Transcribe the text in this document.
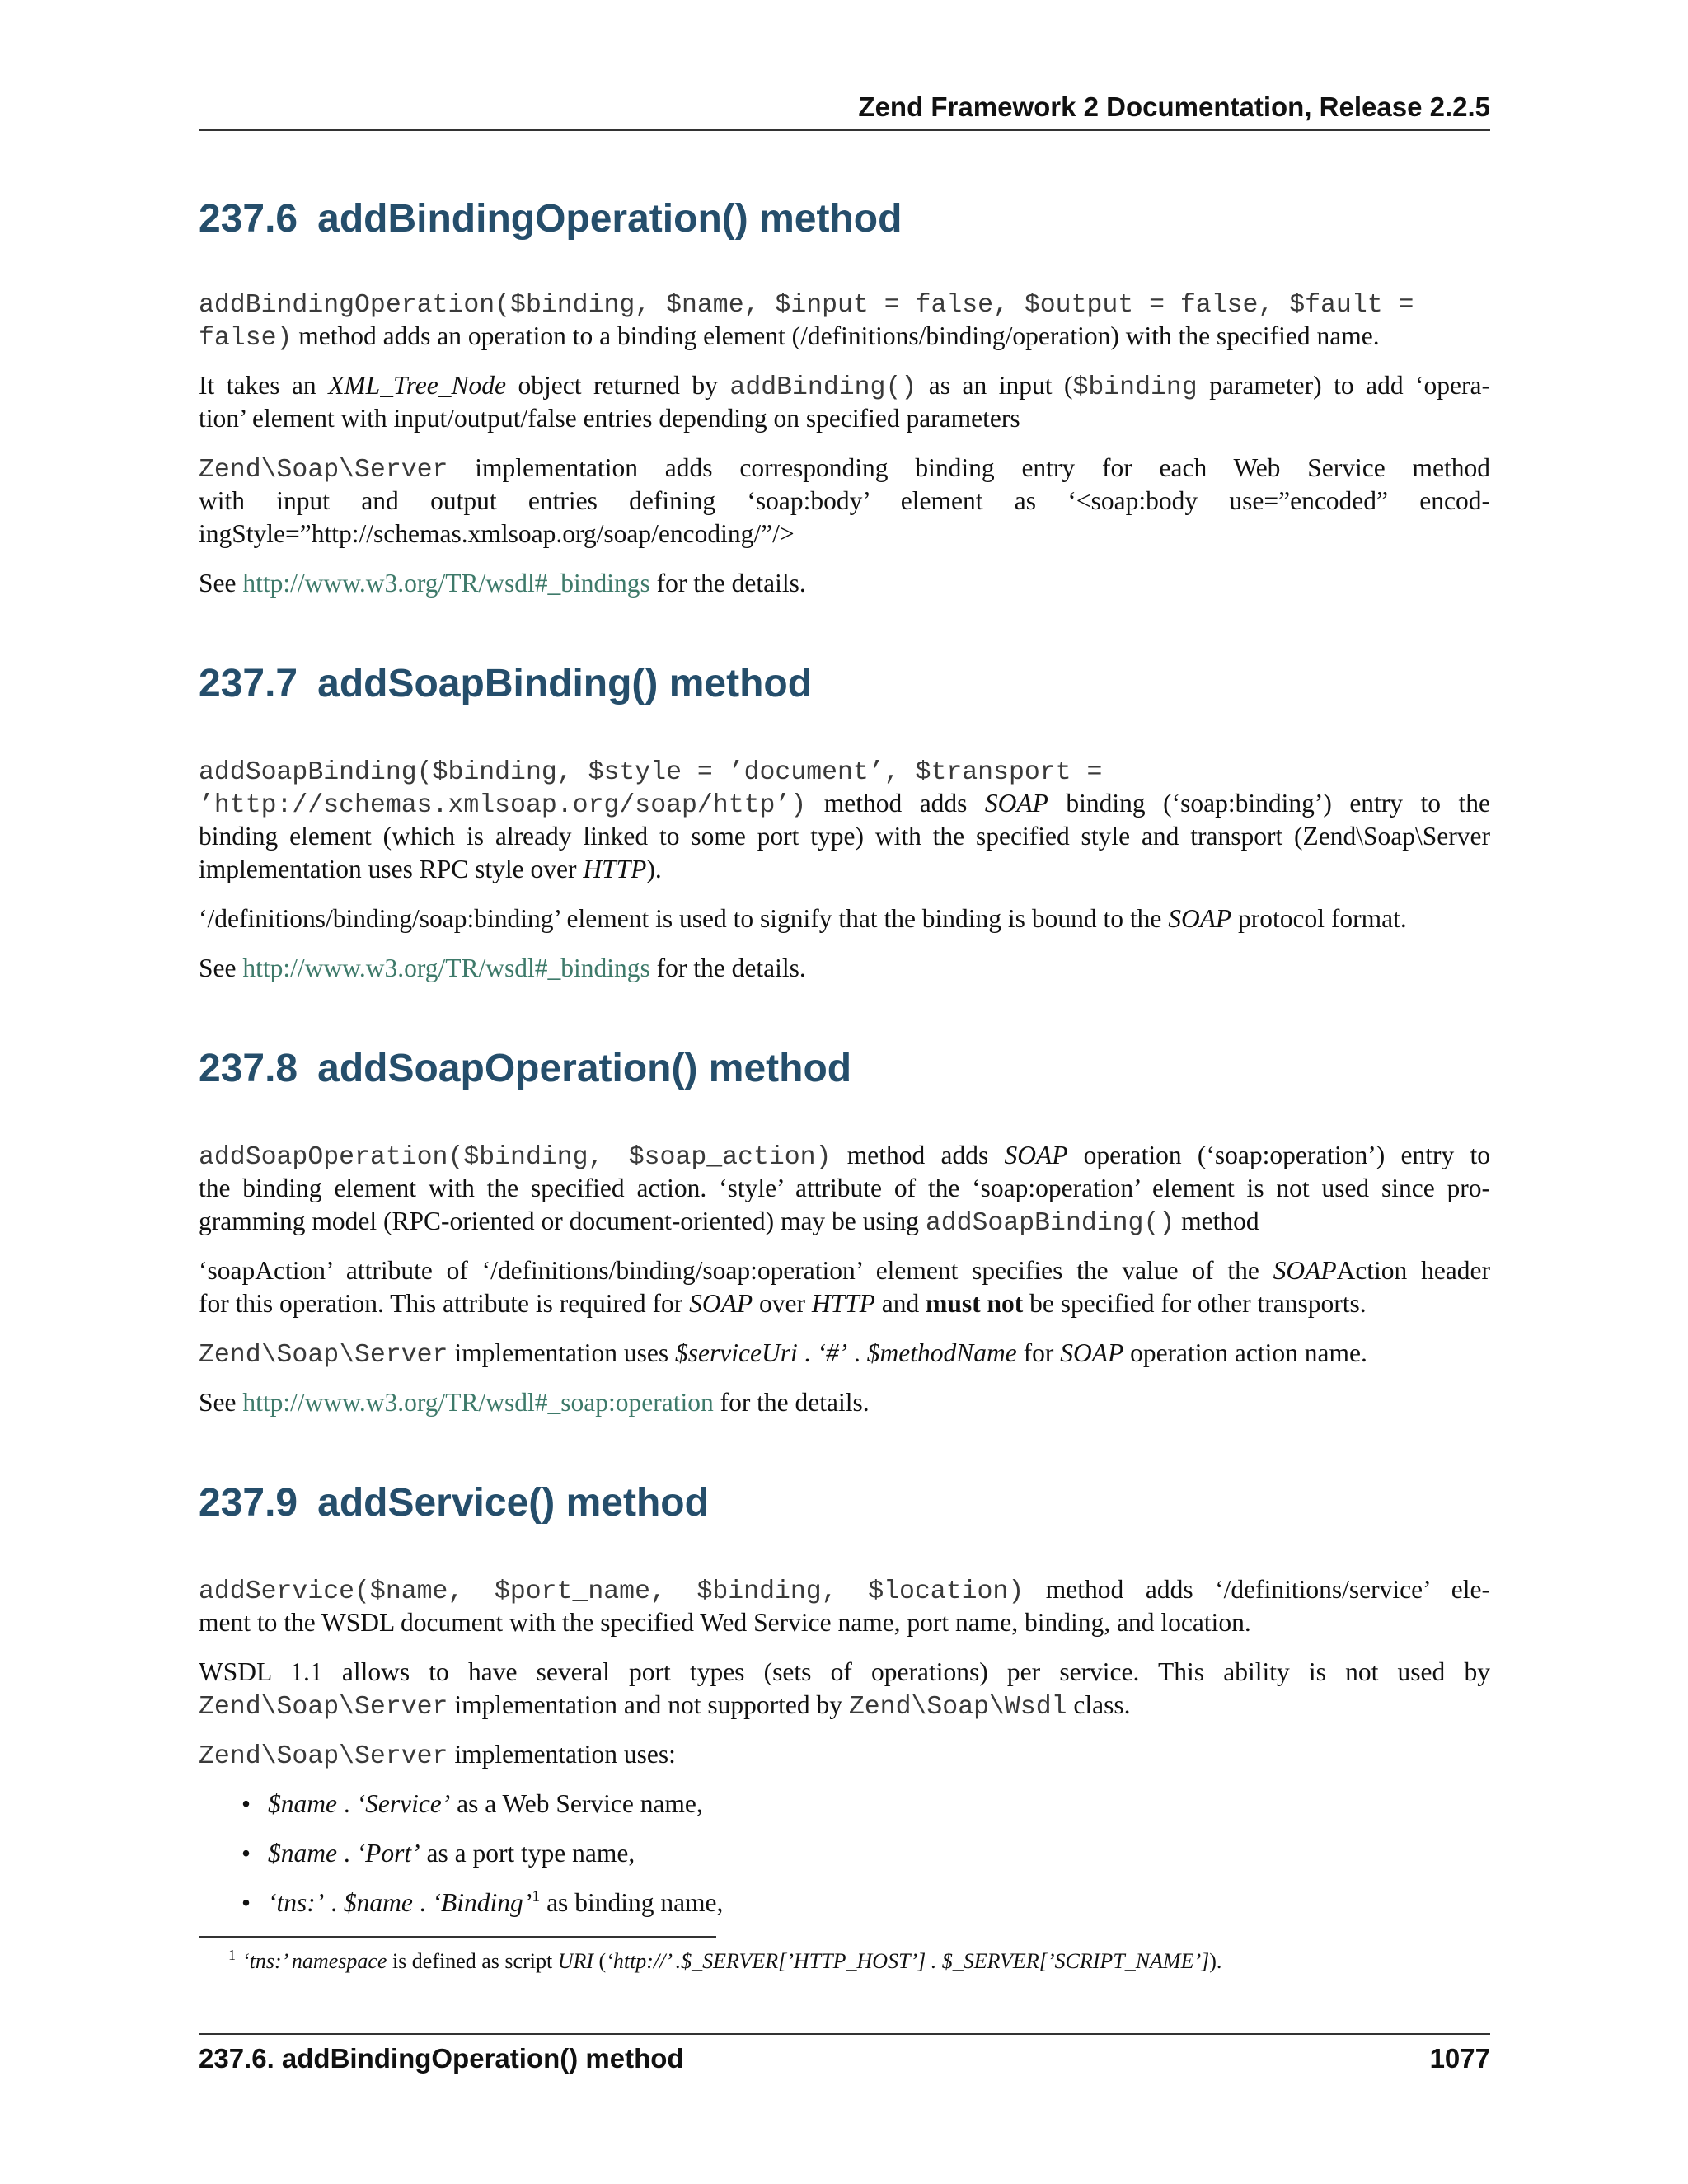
Zend Framework 2 Documentation, Release 2.2.5
237.6 addBindingOperation() method
addBindingOperation($binding, $name, $input = false, $output = false, $fault =
false) method adds an operation to a binding element (/definitions/binding/operation) with the specified name.
It takes an XML_Tree_Node object returned by addBinding() as an input ($binding parameter) to add ‘opera-
tion’ element with input/output/false entries depending on specified parameters
Zend\Soap\Server implementation adds corresponding binding entry for each Web Service method
with input and output entries defining ‘soap:body’ element as ‘<soap:body use=”encoded” encod-
ingStyle=”http://schemas.xmlsoap.org/soap/encoding/”/>
See http://www.w3.org/TR/wsdl#_bindings for the details.
237.7 addSoapBinding() method
addSoapBinding($binding, $style = ’document’, $transport =
’http://schemas.xmlsoap.org/soap/http’) method adds SOAP binding (‘soap:binding’) entry to the
binding element (which is already linked to some port type) with the specified style and transport (Zend\Soap\Server
implementation uses RPC style over HTTP).
‘/definitions/binding/soap:binding’ element is used to signify that the binding is bound to the SOAP protocol format.
See http://www.w3.org/TR/wsdl#_bindings for the details.
237.8 addSoapOperation() method
addSoapOperation($binding, $soap_action) method adds SOAP operation (‘soap:operation’) entry to
the binding element with the specified action. ‘style’ attribute of the ‘soap:operation’ element is not used since pro-
gramming model (RPC-oriented or document-oriented) may be using addSoapBinding() method
‘soapAction’ attribute of ‘/definitions/binding/soap:operation’ element specifies the value of the SOAPAction header
for this operation. This attribute is required for SOAP over HTTP and must not be specified for other transports.
Zend\Soap\Server implementation uses $serviceUri . ‘#’ . $methodName for SOAP operation action name.
See http://www.w3.org/TR/wsdl#_soap:operation for the details.
237.9 addService() method
addService($name, $port_name, $binding, $location) method adds ‘/definitions/service’ ele-
ment to the WSDL document with the specified Wed Service name, port name, binding, and location.
WSDL 1.1 allows to have several port types (sets of operations) per service. This ability is not used by
Zend\Soap\Server implementation and not supported by Zend\Soap\Wsdl class.
Zend\Soap\Server implementation uses:
• $name . ‘Service’ as a Web Service name,
• $name . ‘Port’ as a port type name,
• ‘tns:’ . $name . ‘Binding’$^1$ as binding name,
$^1$ ‘tns:’ namespace is defined as script URI (‘http://’ .$_SERVER[’HTTP_HOST’] . $_SERVER[’SCRIPT_NAME’]).
237.6. addBindingOperation() method	1077
